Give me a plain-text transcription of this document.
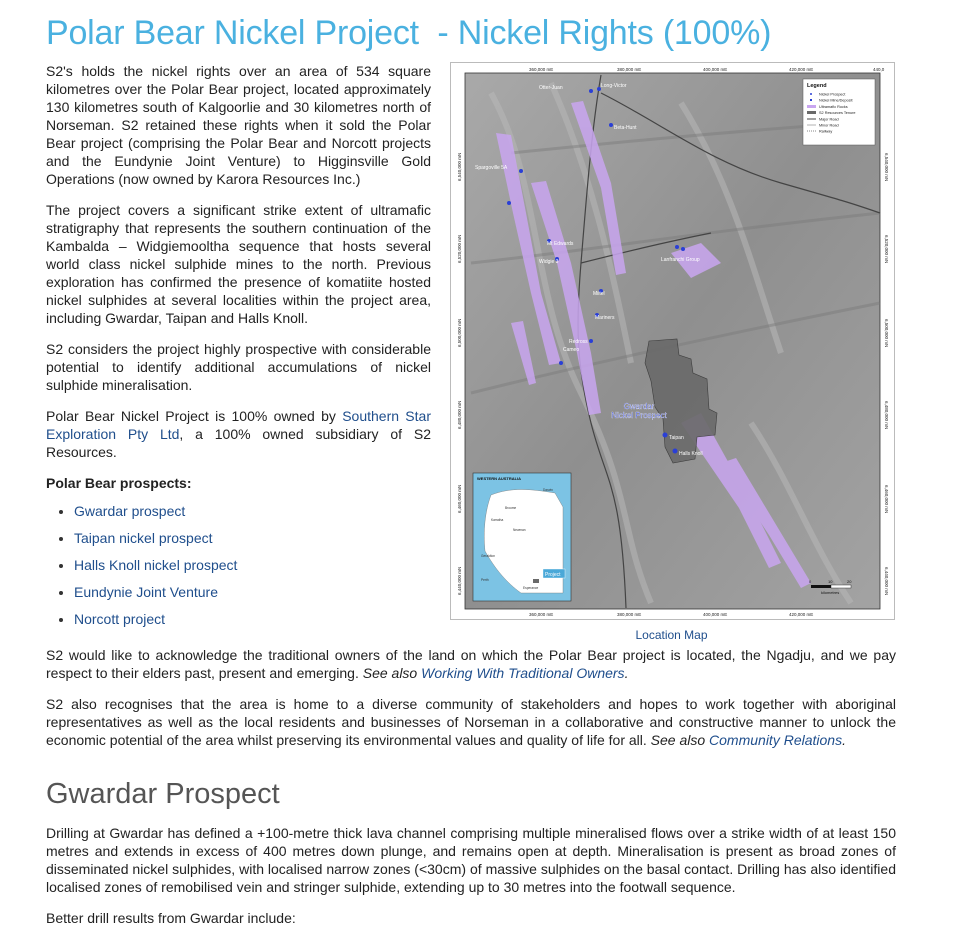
Polar Bear Nickel Project  - Nickel Rights (100%)

S2's holds the nickel rights over an area of 534 square kilometres over the Polar Bear project, located approximately 130 kilometres south of Kalgoorlie and 30 kilometres north of Norseman. S2 retained these rights when it sold the Polar Bear project (comprising the Polar Bear and Norcott projects and the Eundynie Joint Venture) to Higginsville Gold Operations (now owned by Karora Resources Inc.)

The project covers a significant strike extent of ultramafic stratigraphy that represents the southern continuation of the Kambalda – Widgiemooltha sequence that hosts several world class nickel sulphide mines to the north. Previous exploration has confirmed the presence of komatiite hosted nickel sulphides at several localities within the project area, including Gwardar, Taipan and Halls Knoll.

S2 considers the project highly prospective with considerable potential to identify additional accumulations of nickel sulphide mineralisation.

Polar Bear Nickel Project is 100% owned by Southern Star Exploration Pty Ltd, a 100% owned subsidiary of S2 Resources.

Polar Bear prospects:

• Gwardar prospect
• Taipan nickel prospect
• Halls Knoll nickel prospect
• Eundynie Joint Venture
• Norcott project
Otter-Juan	Long-Victor
Beta-Hunt
Spargoville 5A
Mt Edwards
Widgie 3	Lanfranchi Group
Miitel
Mariners
Redross
Cameo
Taipan
Halls Knoll
Gwardar
Nickel Prospect
Legend
Nickel Prospect
Nickel Mine/Deposit
Ultramafic Rocks
S2 Resources Tenure
Major Road
Minor Road
Railway
WESTERN AUSTRALIA
Darwin
Broome
Karratha
Newman
Geraldton
Perth
Esperance
Project
0	10	20
kilometres
360,000 mE	380,000 mE	400,000 mE	420,000 mE	440,0
360,000 mE	380,000 mE	400,000 mE	420,000 mE
6,540,000 mN
6,520,000 mN
6,500,000 mN
6,480,000 mN
6,460,000 mN
6,440,000 mN
6,540,000 mN
6,520,000 mN
6,500,000 mN
6,480,000 mN
6,460,000 mN
6,440,000 mN
Location Map

S2 would like to acknowledge the traditional owners of the land on which the Polar Bear project is located, the Ngadju, and we pay respect to their elders past, present and emerging. See also Working With Traditional Owners.

S2 also recognises that the area is home to a diverse community of stakeholders and hopes to work together with aboriginal representatives as well as the local residents and businesses of Norseman in a collaborative and constructive manner to unlock the economic potential of the area whilst preserving its environmental values and quality of life for all. See also Community Relations.

Gwardar Prospect

Drilling at Gwardar has defined a +100-metre thick lava channel comprising multiple mineralised flows over a strike width of at least 150 metres and extends in excess of 400 metres down plunge, and remains open at depth. Mineralisation is present as broad zones of disseminated nickel sulphides, with localised narrow zones (<30cm) of massive sulphides on the basal contact. Drilling has also identified localised zones of remobilised vein and stringer sulphide, extending up to 30 metres into the footwall sequence.

Better drill results from Gwardar include:
